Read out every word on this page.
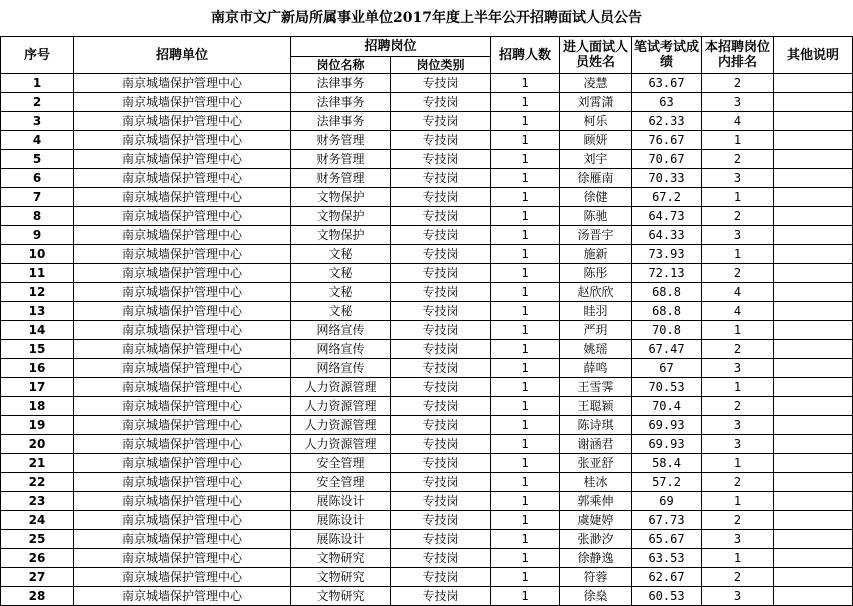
南京市文广新局所属事业单位2017年度上半年公开招聘面试人员公告
序号	招聘单位	招聘岗位		招聘人数	进人面试人员姓名	笔试考试成绩	本招聘岗位内排名	其他说明
		岗位名称	岗位类别					
1	南京城墙保护管理中心	法律事务	专技岗	1	凌慧	63.67	2	
2	南京城墙保护管理中心	法律事务	专技岗	1	刘霄潇	63	3	
3	南京城墙保护管理中心	法律事务	专技岗	1	柯乐	62.33	4	
4	南京城墙保护管理中心	财务管理	专技岗	1	顾妍	76.67	1	
5	南京城墙保护管理中心	财务管理	专技岗	1	刘宇	70.67	2	
6	南京城墙保护管理中心	财务管理	专技岗	1	徐雁南	70.33	3	
7	南京城墙保护管理中心	文物保护	专技岗	1	徐健	67.2	1	
8	南京城墙保护管理中心	文物保护	专技岗	1	陈驰	64.73	2	
9	南京城墙保护管理中心	文物保护	专技岗	1	汤晋宇	64.33	3	
10	南京城墙保护管理中心	文秘	专技岗	1	施新	73.93	1	
11	南京城墙保护管理中心	文秘	专技岗	1	陈彤	72.13	2	
12	南京城墙保护管理中心	文秘	专技岗	1	赵欣欣	68.8	4	
13	南京城墙保护管理中心	文秘	专技岗	1	眭羽	68.8	4	
14	南京城墙保护管理中心	网络宣传	专技岗	1	严玥	70.8	1	
15	南京城墙保护管理中心	网络宣传	专技岗	1	姚瑶	67.47	2	
16	南京城墙保护管理中心	网络宣传	专技岗	1	薛鸣	67	3	
17	南京城墙保护管理中心	人力资源管理	专技岗	1	王雪霁	70.53	1	
18	南京城墙保护管理中心	人力资源管理	专技岗	1	王聪颖	70.4	2	
19	南京城墙保护管理中心	人力资源管理	专技岗	1	陈诗琪	69.93	3	
20	南京城墙保护管理中心	人力资源管理	专技岗	1	谢涵君	69.93	3	
21	南京城墙保护管理中心	安全管理	专技岗	1	张亚舒	58.4	1	
22	南京城墙保护管理中心	安全管理	专技岗	1	桂冰	57.2	2	
23	南京城墙保护管理中心	展陈设计	专技岗	1	郭乘伸	69	1	
24	南京城墙保护管理中心	展陈设计	专技岗	1	虞婕婷	67.73	2	
25	南京城墙保护管理中心	展陈设计	专技岗	1	张渺汐	65.67	3	
26	南京城墙保护管理中心	文物研究	专技岗	1	徐静逸	63.53	1	
27	南京城墙保护管理中心	文物研究	专技岗	1	符蓉	62.67	2	
28	南京城墙保护管理中心	文物研究	专技岗	1	徐燊	60.53	3	
